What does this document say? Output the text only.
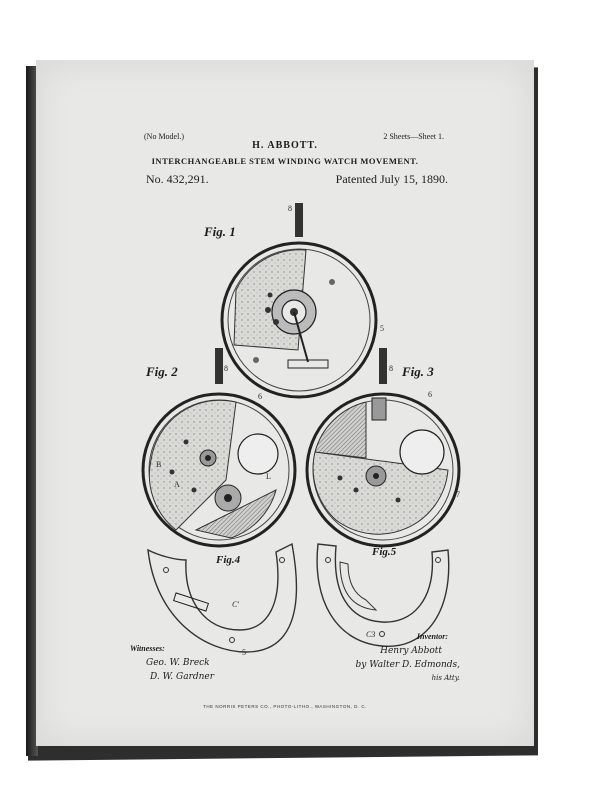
(No Model.)
H. ABBOTT.
2 Sheets—Sheet 1.
INTERCHANGEABLE STEM WINDING WATCH MOVEMENT.
No. 432,291.	Patented July 15, 1890.
Fig. 1
Fig. 2	Fig. 3
Fig.4
Fig.5
8
8	8
5
5
6	6
7
C'
C3
A
B
L
Witnesses:
Inventor:
Geo. W. Breck
D. W. Gardner
Henry Abbott
by Walter D. Edmonds,
his Atty.
THE NORRIS PETERS CO., PHOTO-LITHO., WASHINGTON, D. C.
